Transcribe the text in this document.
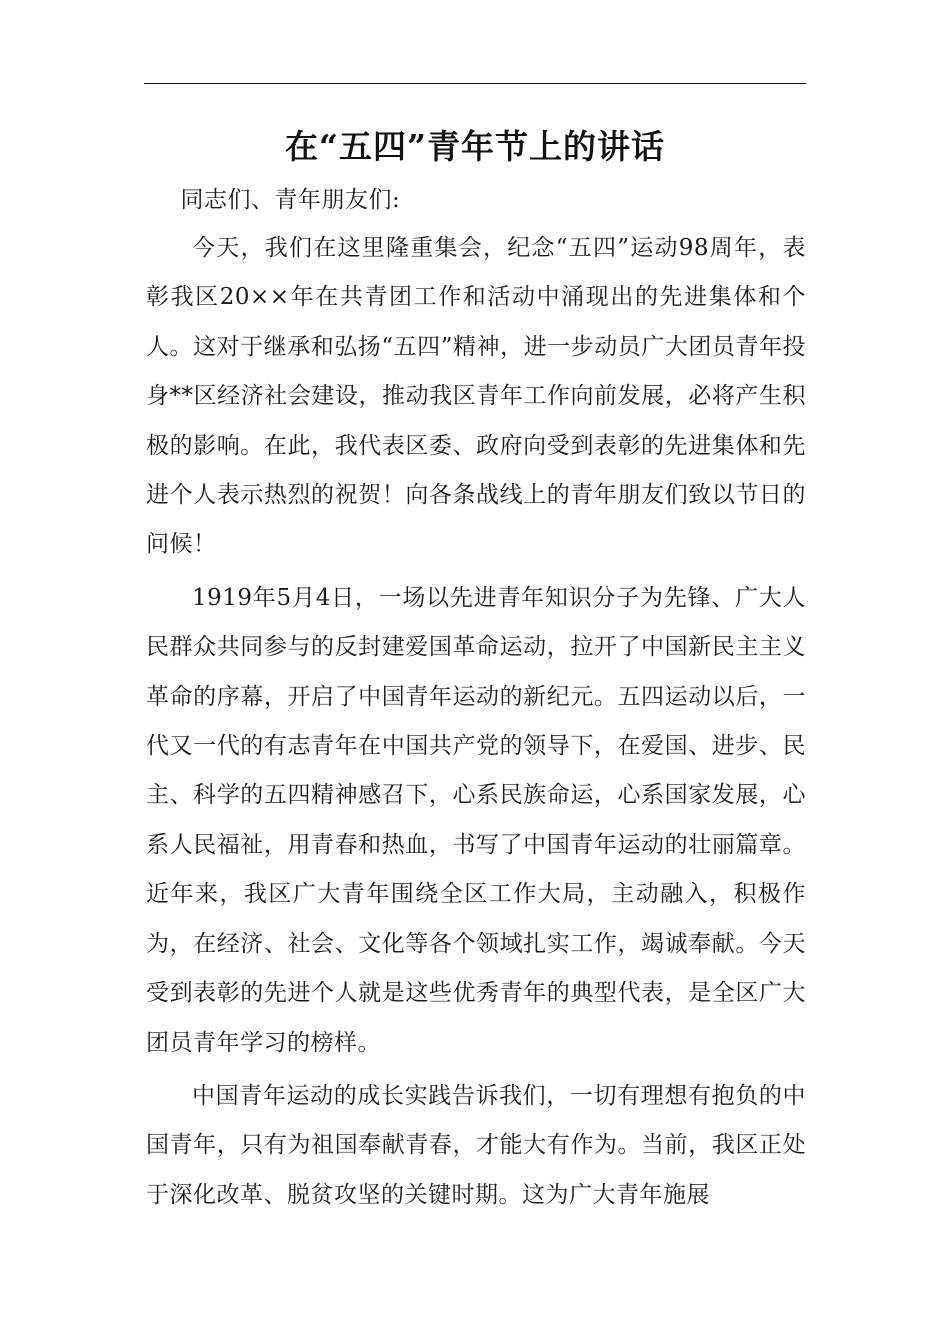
在“五四”青年节上的讲话

同志们、青年朋友们:

今天，我们在这里隆重集会，纪念“五四”运动98周年，表彰我区20××年在共青团工作和活动中涌现出的先进集体和个人。这对于继承和弘扬“五四”精神，进一步动员广大团员青年投身**区经济社会建设，推动我区青年工作向前发展，必将产生积极的影响。在此，我代表区委、政府向受到表彰的先进集体和先进个人表示热烈的祝贺！向各条战线上的青年朋友们致以节日的问候！

1919年5月4日，一场以先进青年知识分子为先锋、广大人民群众共同参与的反封建爱国革命运动，拉开了中国新民主主义革命的序幕，开启了中国青年运动的新纪元。五四运动以后，一代又一代的有志青年在中国共产党的领导下，在爱国、进步、民主、科学的五四精神感召下，心系民族命运，心系国家发展，心系人民福祉，用青春和热血，书写了中国青年运动的壮丽篇章。近年来，我区广大青年围绕全区工作大局，主动融入，积极作为，在经济、社会、文化等各个领域扎实工作，竭诚奉献。今天受到表彰的先进个人就是这些优秀青年的典型代表，是全区广大团员青年学习的榜样。

中国青年运动的成长实践告诉我们，一切有理想有抱负的中国青年，只有为祖国奉献青春，才能大有作为。当前，我区正处于深化改革、脱贫攻坚的关键时期。这为广大青年施展
